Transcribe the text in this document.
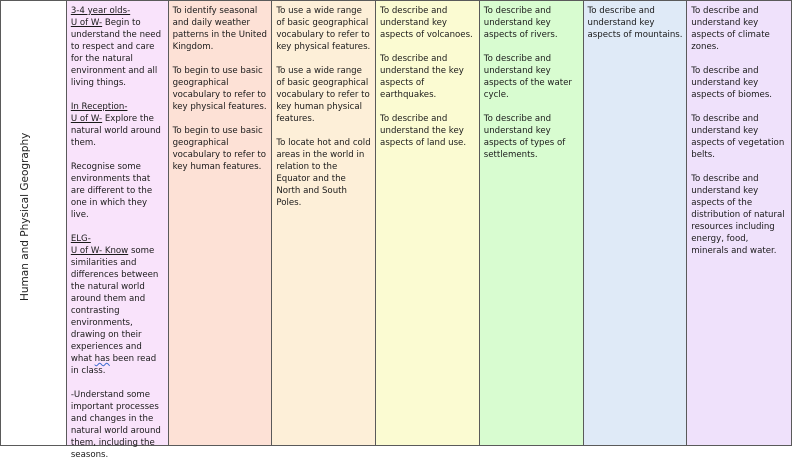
Human and Physical Geography

3-4 year olds-
U of W- Begin to understand the need to respect and care for the natural environment and all living things.

In Reception-
U of W- Explore the natural world around them.

Recognise some environments that are different to the one in which they live.

ELG-
U of W- Know some similarities and differences between the natural world around them and contrasting environments, drawing on their experiences and what has been read in class.

-Understand some important processes and changes in the natural world around them, including the seasons.

To identify seasonal and daily weather patterns in the United Kingdom.

To begin to use basic geographical vocabulary to refer to key physical features.

To begin to use basic geographical vocabulary to refer to key human features.

To use a wide range of basic geographical vocabulary to refer to key physical features.

To use a wide range of basic geographical vocabulary to refer to key human physical features.

To locate hot and cold areas in the world in relation to the Equator and the North and South Poles.

To describe and understand key aspects of volcanoes.

To describe and understand the key aspects of earthquakes.

To describe and understand the key aspects of land use.

To describe and understand key aspects of rivers.

To describe and understand key aspects of the water cycle.

To describe and understand key aspects of types of settlements.

To describe and understand key aspects of mountains.

To describe and understand key aspects of climate zones.

To describe and understand key aspects of biomes.

To describe and understand key aspects of vegetation belts.

To describe and understand key aspects of the distribution of natural resources including energy, food, minerals and water.
